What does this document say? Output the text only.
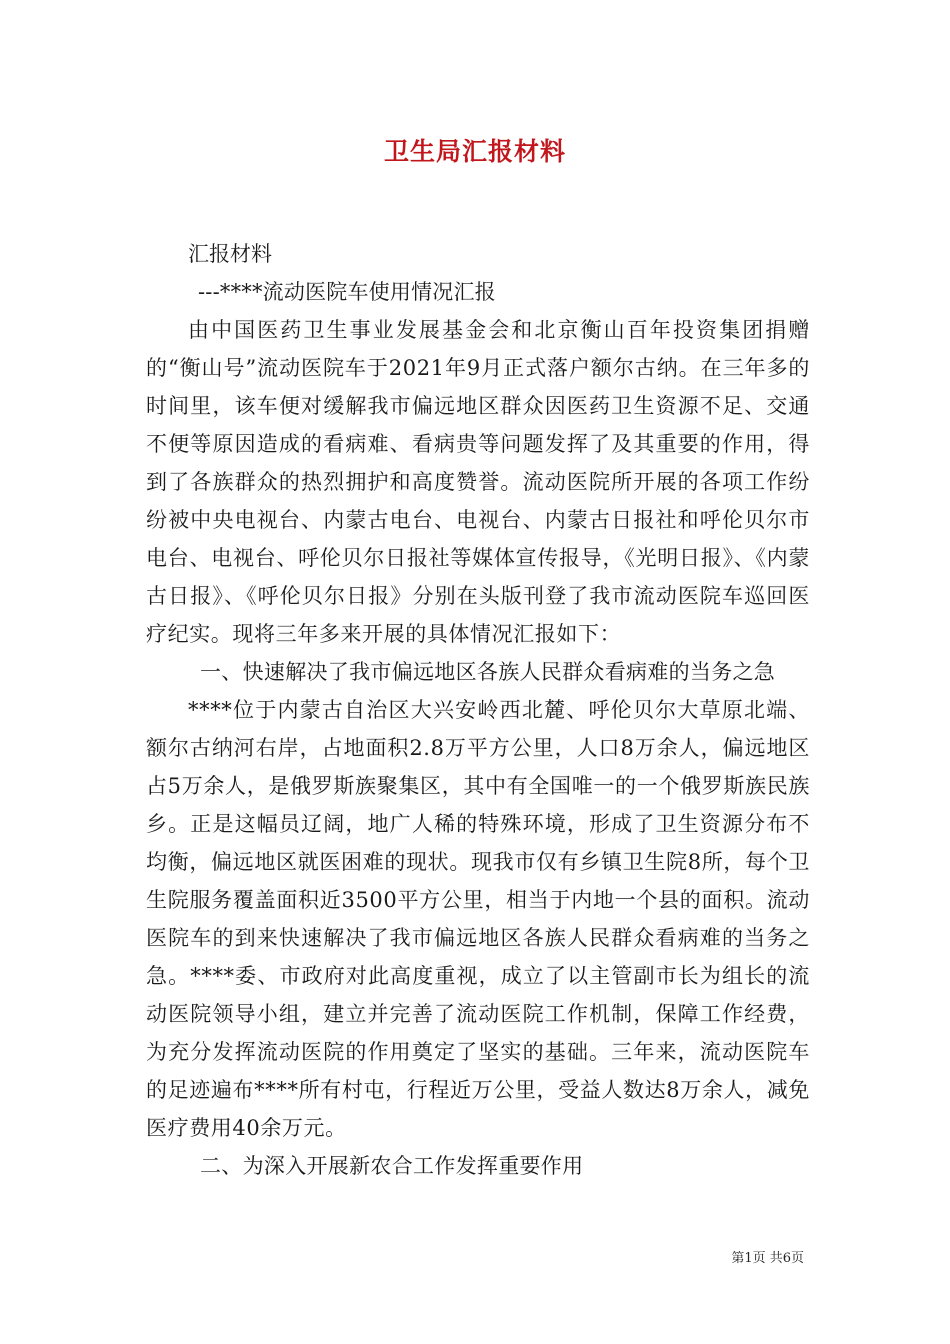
卫生局汇报材料

汇报材料

---****流动医院车使用情况汇报

由中国医药卫生事业发展基金会和北京衡山百年投资集团捐赠的“衡山号”流动医院车于2021年9月正式落户额尔古纳。在三年多的时间里，该车便对缓解我市偏远地区群众因医药卫生资源不足、交通不便等原因造成的看病难、看病贵等问题发挥了及其重要的作用，得到了各族群众的热烈拥护和高度赞誉。流动医院所开展的各项工作纷纷被中央电视台、内蒙古电台、电视台、内蒙古日报社和呼伦贝尔市电台、电视台、呼伦贝尔日报社等媒体宣传报导，《光明日报》、《内蒙古日报》、《呼伦贝尔日报》分别在头版刊登了我市流动医院车巡回医疗纪实。现将三年多来开展的具体情况汇报如下：

一、快速解决了我市偏远地区各族人民群众看病难的当务之急

****位于内蒙古自治区大兴安岭西北麓、呼伦贝尔大草原北端、额尔古纳河右岸，占地面积2.8万平方公里，人口8万余人，偏远地区占5万余人，是俄罗斯族聚集区，其中有全国唯一的一个俄罗斯族民族乡。正是这幅员辽阔，地广人稀的特殊环境，形成了卫生资源分布不均衡，偏远地区就医困难的现状。现我市仅有乡镇卫生院8所，每个卫生院服务覆盖面积近3500平方公里，相当于内地一个县的面积。流动医院车的到来快速解决了我市偏远地区各族人民群众看病难的当务之急。****委、市政府对此高度重视，成立了以主管副市长为组长的流动医院领导小组，建立并完善了流动医院工作机制，保障工作经费，为充分发挥流动医院的作用奠定了坚实的基础。三年来，流动医院车的足迹遍布****所有村屯，行程近万公里，受益人数达8万余人，减免医疗费用40余万元。

二、为深入开展新农合工作发挥重要作用

第1页 共6页
